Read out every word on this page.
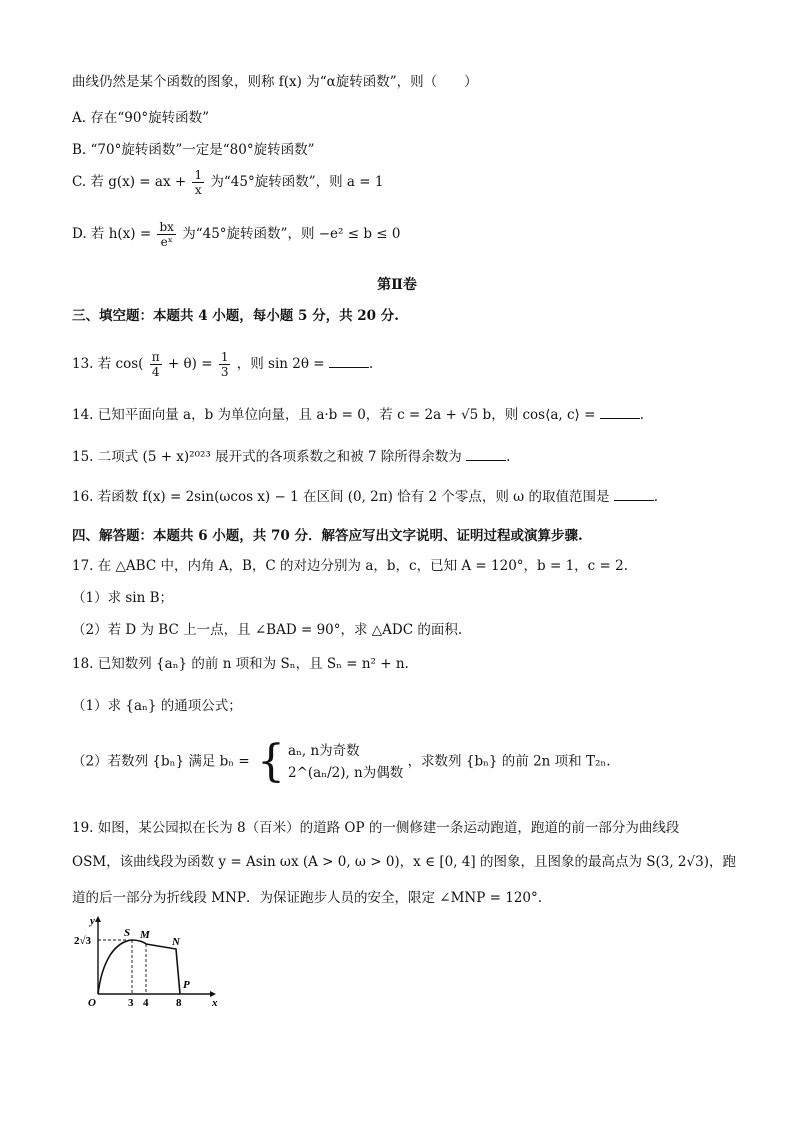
曲线仍然是某个函数的图象，则称 f(x) 为“α旋转函数”，则（　　）
A. 存在“90°旋转函数”
B. “70°旋转函数”一定是“80°旋转函数”
C. 若 g(x) = ax + $\frac{1}{x}$ 为“45°旋转函数”，则 a = 1
D. 若 $h(x) = \frac{bx}{\text{eˣ}}$ 为“45°旋转函数”，则 −e² ≤ b ≤ 0
第Ⅱ卷
三、填空题：本题共 4 小题，每小题 5 分，共 20 分.
13. 若 $\cos( \frac{\pi}{4} + \theta) = \frac{1}{3}$ ，则 sin 2θ =	.
14. 已知平面向量 a，b 为单位向量，且 a·b = 0，若 c = 2a + √5 b，则 cos⟨a, c⟩ =	.
15. 二项式 (5 + x)²⁰²³ 展开式的各项系数之和被 7 除所得余数为	.
16. 若函数 f(x) = 2sin(ωcos x) − 1 在区间 (0, 2π) 恰有 2 个零点，则 ω 的取值范围是	.
四、解答题：本题共 6 小题，共 70 分．解答应写出文字说明、证明过程或演算步骤.
17. 在 △ABC 中，内角 A，B，C 的对边分别为 a，b，c，已知 A = 120°，b = 1，c = 2.
（1）求 sin B；
（2）若 D 为 BC 上一点，且 ∠BAD = 90°，求 △ADC 的面积.
18. 已知数列 {aₙ} 的前 n 项和为 Sₙ，且 Sₙ = n² + n.
（1）求 {aₙ} 的通项公式；
（2）若数列 {bₙ} 满足 bₙ = { aₙ, n为奇数
2^(aₙ/2), n为偶数
，求数列 {bₙ} 的前 2n 项和 T₂ₙ.
19. 如图，某公园拟在长为 8（百米）的道路 OP 的一侧修建一条运动跑道，跑道的前一部分为曲线段
OSM，该曲线段为函数 y = Asin ωx (A > 0, ω > 0)，x ∈ [0, 4] 的图象，且图象的最高点为 S(3, 2√3)，跑
道的后一部分为折线段 MNP．为保证跑步人员的安全，限定 ∠MNP = 120°.
y
x
2√3
O	3 4	8
S M
N
P
